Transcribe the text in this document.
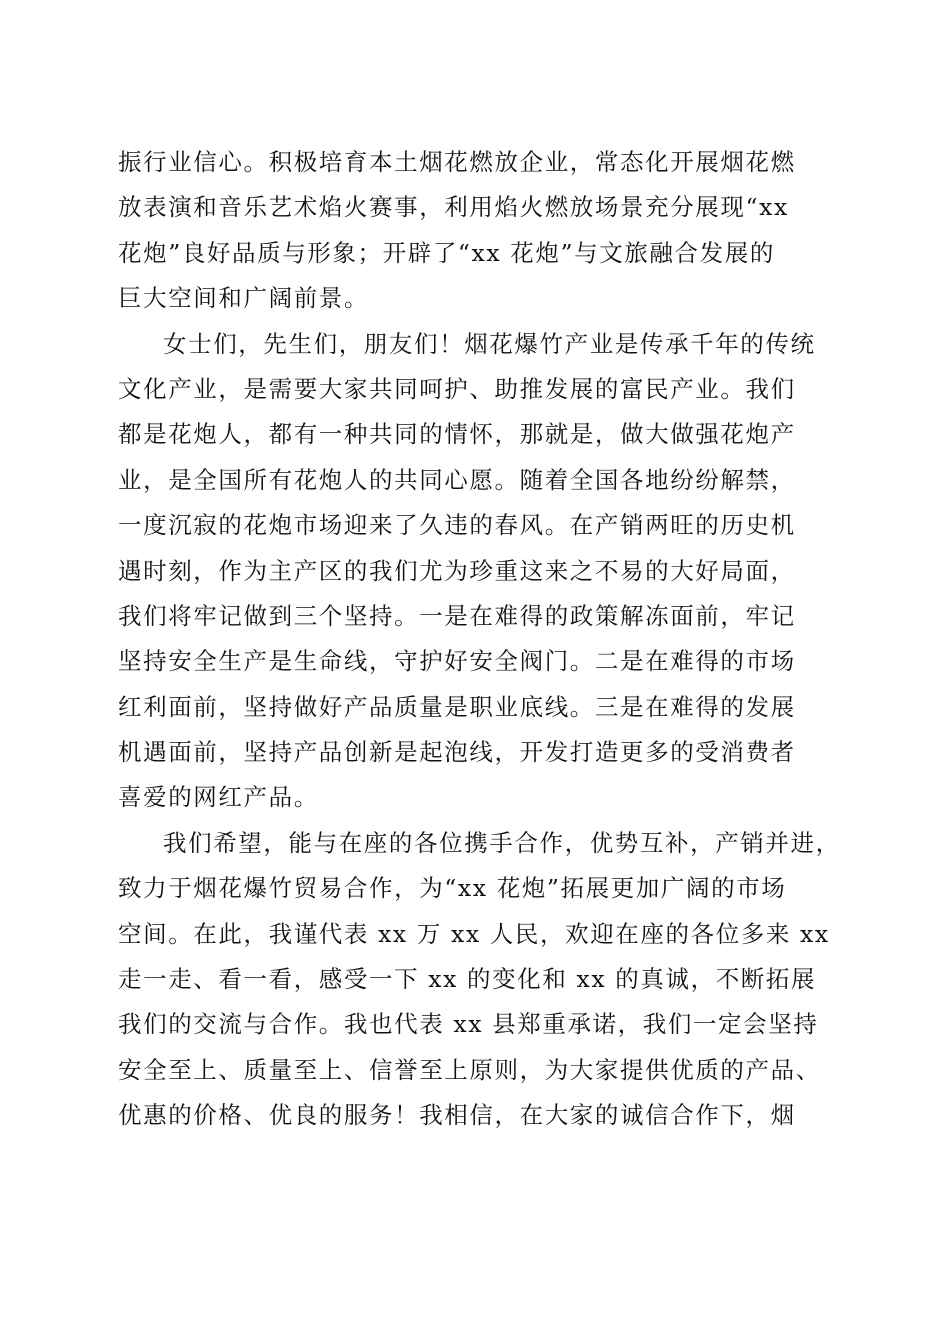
振行业信心。积极培育本土烟花燃放企业，常态化开展烟花燃
放表演和音乐艺术焰火赛事，利用焰火燃放场景充分展现“xx
花炮”良好品质与形象；开辟了“xx 花炮”与文旅融合发展的
巨大空间和广阔前景。
女士们，先生们，朋友们！烟花爆竹产业是传承千年的传统
文化产业，是需要大家共同呵护、助推发展的富民产业。我们
都是花炮人，都有一种共同的情怀，那就是，做大做强花炮产
业，是全国所有花炮人的共同心愿。随着全国各地纷纷解禁，
一度沉寂的花炮市场迎来了久违的春风。在产销两旺的历史机
遇时刻，作为主产区的我们尤为珍重这来之不易的大好局面，
我们将牢记做到三个坚持。一是在难得的政策解冻面前，牢记
坚持安全生产是生命线，守护好安全阀门。二是在难得的市场
红利面前，坚持做好产品质量是职业底线。三是在难得的发展
机遇面前，坚持产品创新是起泡线，开发打造更多的受消费者
喜爱的网红产品。
我们希望，能与在座的各位携手合作，优势互补，产销并进，
致力于烟花爆竹贸易合作，为“xx 花炮”拓展更加广阔的市场
空间。在此，我谨代表 xx 万 xx 人民，欢迎在座的各位多来 xx
走一走、看一看，感受一下 xx 的变化和 xx 的真诚，不断拓展
我们的交流与合作。我也代表 xx 县郑重承诺，我们一定会坚持
安全至上、质量至上、信誉至上原则，为大家提供优质的产品、
优惠的价格、优良的服务！我相信，在大家的诚信合作下，烟
